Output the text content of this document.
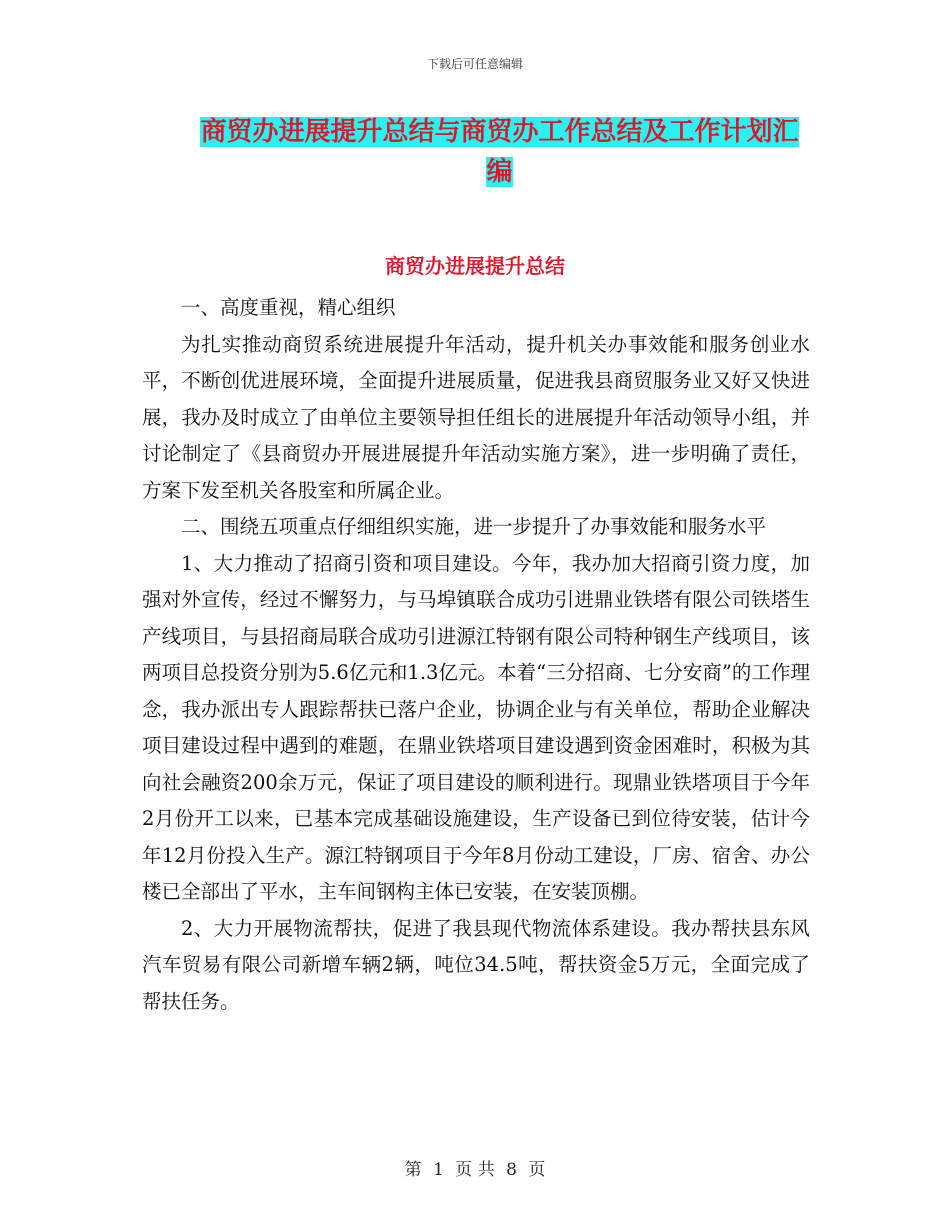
下载后可任意编辑
商贸办进展提升总结与商贸办工作总结及工作计划汇编
商贸办进展提升总结

一、高度重视，精心组织

为扎实推动商贸系统进展提升年活动，提升机关办事效能和服务创业水平，不断创优进展环境，全面提升进展质量，促进我县商贸服务业又好又快进展，我办及时成立了由单位主要领导担任组长的进展提升年活动领导小组，并讨论制定了《县商贸办开展进展提升年活动实施方案》，进一步明确了责任，方案下发至机关各股室和所属企业。

二、围绕五项重点仔细组织实施，进一步提升了办事效能和服务水平

1、大力推动了招商引资和项目建设。今年，我办加大招商引资力度，加强对外宣传，经过不懈努力，与马埠镇联合成功引进鼎业铁塔有限公司铁塔生产线项目，与县招商局联合成功引进源江特钢有限公司特种钢生产线项目，该两项目总投资分别为5.6亿元和1.3亿元。本着“三分招商、七分安商”的工作理念，我办派出专人跟踪帮扶已落户企业，协调企业与有关单位，帮助企业解决项目建设过程中遇到的难题，在鼎业铁塔项目建设遇到资金困难时，积极为其向社会融资200余万元，保证了项目建设的顺利进行。现鼎业铁塔项目于今年2月份开工以来，已基本完成基础设施建设，生产设备已到位待安装，估计今年12月份投入生产。源江特钢项目于今年8月份动工建设，厂房、宿舍、办公楼已全部出了平水，主车间钢构主体已安装，在安装顶棚。

2、大力开展物流帮扶，促进了我县现代物流体系建设。我办帮扶县东风汽车贸易有限公司新增车辆2辆，吨位34.5吨，帮扶资金5万元，全面完成了帮扶任务。

第 1 页 共 8 页
